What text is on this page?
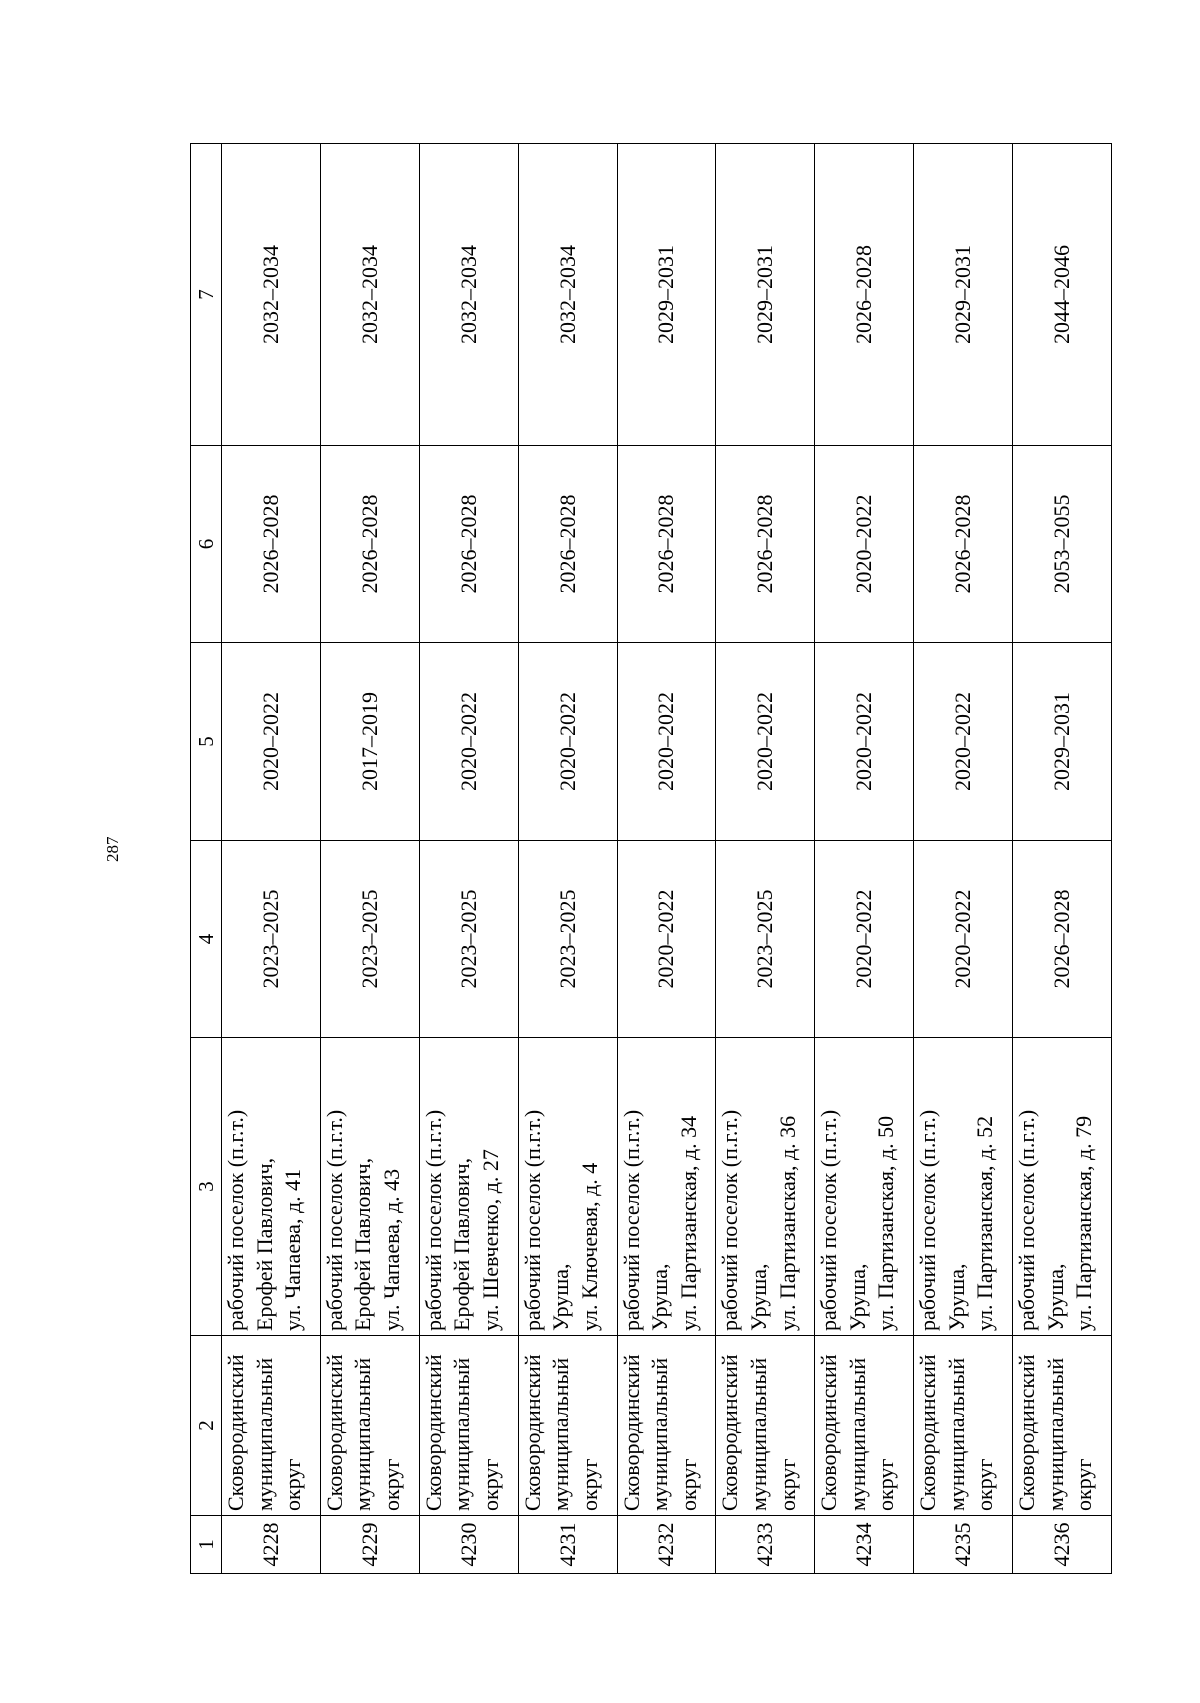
287
1	2	3	4	5	6	7
4228	Сковородинский муниципальный округ	рабочий поселок (п.г.т.) Ерофей Павлович, ул. Чапаева, д. 41	2023–2025	2020–2022	2026–2028	2032–2034
4229	Сковородинский муниципальный округ	рабочий поселок (п.г.т.) Ерофей Павлович, ул. Чапаева, д. 43	2023–2025	2017–2019	2026–2028	2032–2034
4230	Сковородинский муниципальный округ	рабочий поселок (п.г.т.) Ерофей Павлович, ул. Шевченко, д. 27	2023–2025	2020–2022	2026–2028	2032–2034
4231	Сковородинский муниципальный округ	рабочий поселок (п.г.т.) Уруша, ул. Ключевая, д. 4	2023–2025	2020–2022	2026–2028	2032–2034
4232	Сковородинский муниципальный округ	рабочий поселок (п.г.т.) Уруша, ул. Партизанская, д. 34	2020–2022	2020–2022	2026–2028	2029–2031
4233	Сковородинский муниципальный округ	рабочий поселок (п.г.т.) Уруша, ул. Партизанская, д. 36	2023–2025	2020–2022	2026–2028	2029–2031
4234	Сковородинский муниципальный округ	рабочий поселок (п.г.т.) Уруша, ул. Партизанская, д. 50	2020–2022	2020–2022	2020–2022	2026–2028
4235	Сковородинский муниципальный округ	рабочий поселок (п.г.т.) Уруша, ул. Партизанская, д. 52	2020–2022	2020–2022	2026–2028	2029–2031
4236	Сковородинский муниципальный округ	рабочий поселок (п.г.т.) Уруша, ул. Партизанская, д. 79	2026–2028	2029–2031	2053–2055	2044–2046
